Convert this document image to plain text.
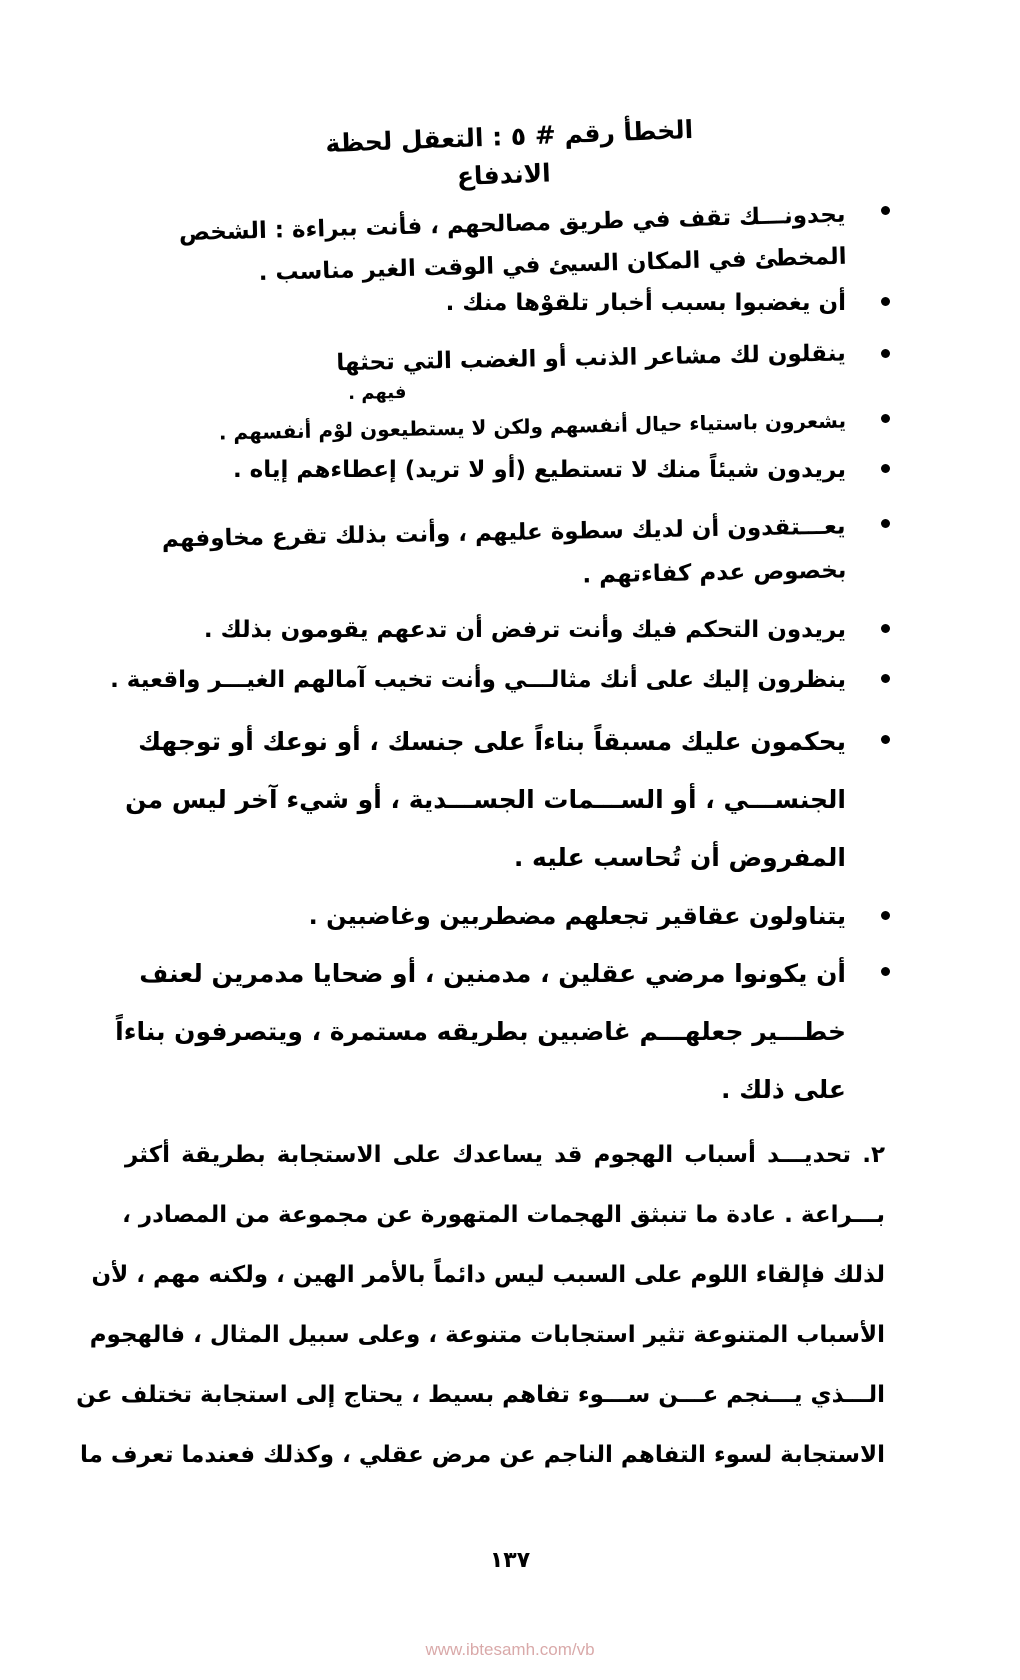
الخطأ رقم # ٥ : التعقل لحظة
الاندفاع
يجدونـــك تقف في طريق مصالحهم ، فأنت ببراءة : الشخص
المخطئ في المكان السيئ في الوقت الغير مناسب .
أن يغضبوا بسبب أخبار تلقوْها منك .
ينقلون لك مشاعر الذنب أو الغضب التي تحثها
فيهم .
يشعرون باستياء حيال أنفسهم ولكن لا يستطيعون لوْم أنفسهم .
يريدون شيئاً منك لا تستطيع (أو لا تريد) إعطاءهم إياه .
يعـــتقدون أن لديك سطوة عليهم ، وأنت بذلك تقرع مخاوفهم
بخصوص عدم كفاءتهم .
يريدون التحكم فيك وأنت ترفض أن تدعهم يقومون بذلك .
ينظرون إليك على أنك مثالـــي وأنت تخيب آمالهم الغيـــر واقعية .
يحكمون عليك مسبقاً بناءاً على جنسك ، أو نوعك أو توجهك
الجنســـي ، أو الســـمات الجســـدية ، أو شيء آخر ليس من
المفروض أن تُحاسب عليه .
يتناولون عقاقير تجعلهم مضطربين وغاضبين .
أن يكونوا مرضي عقلين ، مدمنين ، أو ضحايا مدمرين لعنف
خطـــير جعلهـــم غاضبين بطريقه مستمرة ، ويتصرفون بناءاً
على ذلك .
٢. تحديـــد أسباب الهجوم قد يساعدك على الاستجابة بطريقة أكثر
بـــراعة . عادة ما تنبثق الهجمات المتهورة عن مجموعة من المصادر ،
لذلك فإلقاء اللوم على السبب ليس دائماً بالأمر الهين ، ولكنه مهم ، لأن
الأسباب المتنوعة تثير استجابات متنوعة ، وعلى سبيل المثال ، فالهجوم
الـــذي يـــنجم عـــن ســـوء تفاهم بسيط ، يحتاج إلى استجابة تختلف عن
الاستجابة لسوء التفاهم الناجم عن مرض عقلي ، وكذلك فعندما تعرف ما
١٣٧
www.ibtesamh.com/vb
